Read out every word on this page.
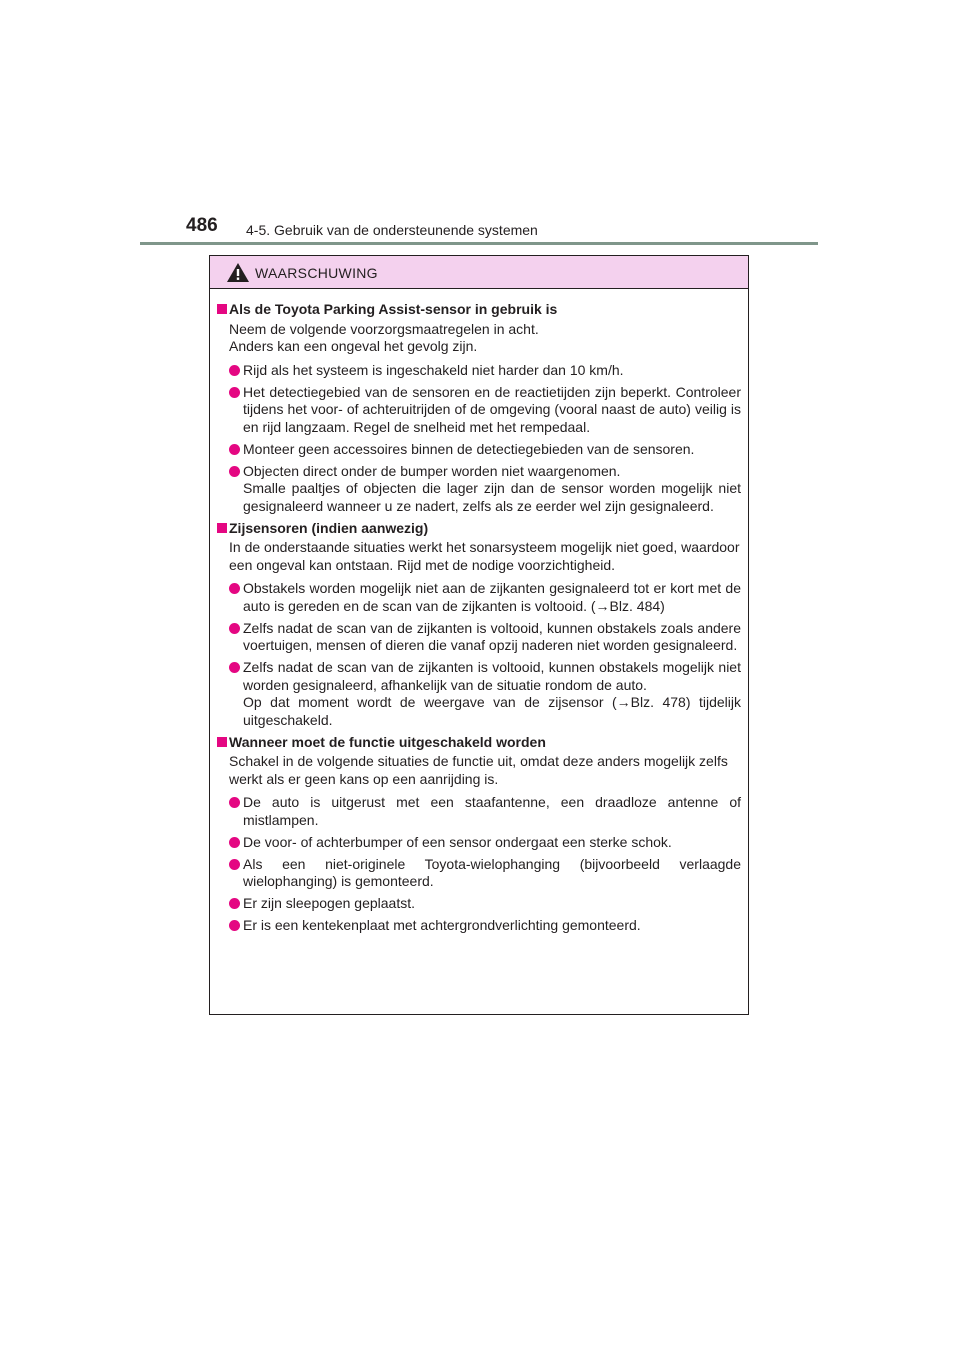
486 4-5. Gebruik van de ondersteunende systemen
WAARSCHUWING
Als de Toyota Parking Assist-sensor in gebruik is
Neem de volgende voorzorgsmaatregelen in acht.
Anders kan een ongeval het gevolg zijn.
Rijd als het systeem is ingeschakeld niet harder dan 10 km/h.
Het detectiegebied van de sensoren en de reactietijden zijn beperkt. Controleer tijdens het voor- of achteruitrijden of de omgeving (vooral naast de auto) veilig is en rijd langzaam. Regel de snelheid met het rempedaal.
Monteer geen accessoires binnen de detectiegebieden van de sensoren.
Objecten direct onder de bumper worden niet waargenomen.
Smalle paaltjes of objecten die lager zijn dan de sensor worden mogelijk niet gesignaleerd wanneer u ze nadert, zelfs als ze eerder wel zijn gesignaleerd.
Zijsensoren (indien aanwezig)
In de onderstaande situaties werkt het sonarsysteem mogelijk niet goed, waardoor een ongeval kan ontstaan. Rijd met de nodige voorzichtigheid.
Obstakels worden mogelijk niet aan de zijkanten gesignaleerd tot er kort met de auto is gereden en de scan van de zijkanten is voltooid. (→Blz. 484)
Zelfs nadat de scan van de zijkanten is voltooid, kunnen obstakels zoals andere voertuigen, mensen of dieren die vanaf opzij naderen niet worden gesignaleerd.
Zelfs nadat de scan van de zijkanten is voltooid, kunnen obstakels mogelijk niet worden gesignaleerd, afhankelijk van de situatie rondom de auto.
Op dat moment wordt de weergave van de zijsensor (→Blz. 478) tijdelijk uitgeschakeld.
Wanneer moet de functie uitgeschakeld worden
Schakel in de volgende situaties de functie uit, omdat deze anders mogelijk zelfs werkt als er geen kans op een aanrijding is.
De auto is uitgerust met een staafantenne, een draadloze antenne of mistlampen.
De voor- of achterbumper of een sensor ondergaat een sterke schok.
Als een niet-originele Toyota-wielophanging (bijvoorbeeld verlaagde wielophanging) is gemonteerd.
Er zijn sleepogen geplaatst.
Er is een kentekenplaat met achtergrondverlichting gemonteerd.
